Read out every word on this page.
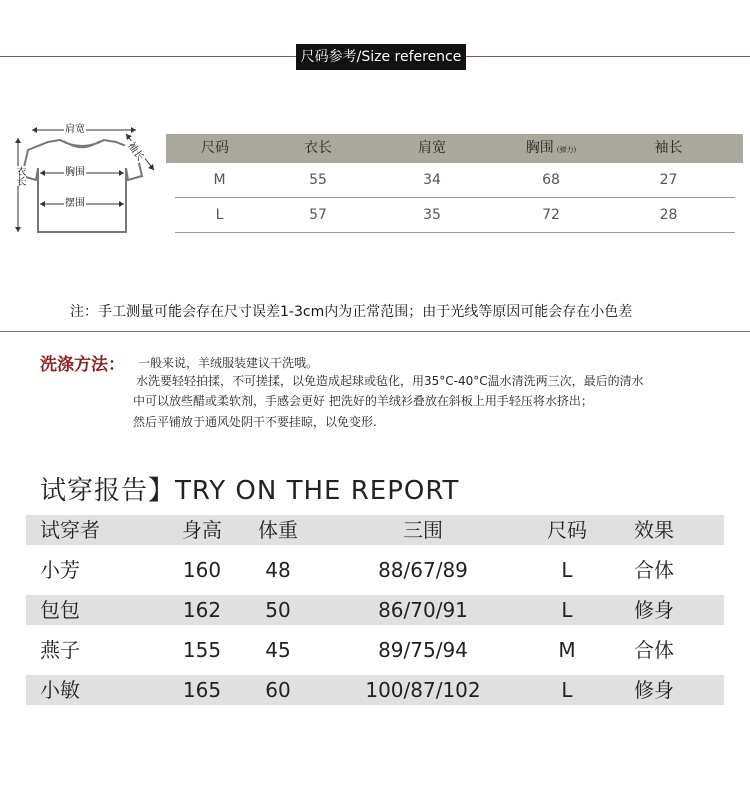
尺码参考/Size reference
肩宽
袖长
胸围
衣长
摆围
尺码	衣长	肩宽	胸围 (弹力)	袖长
M	55	34	68	27
L	57	35	72	28
注：手工测量可能会存在尺寸误差1-3cm内为正常范围；由于光线等原因可能会存在小色差
洗涤方法： 一般来说，羊绒服装建议干洗哦。
水洗要轻轻拍揉，不可搓揉，以免造成起球或毡化，用35°C-40°C温水清洗两三次，最后的清水
中可以放些醋或柔软剂，手感会更好 把洗好的羊绒衫叠放在斜板上用手轻压将水挤出；
然后平铺放于通风处阴干不要挂晾，以免变形.
试穿报告】TRY ON THE REPORT
试穿者	身高	体重	三围	尺码	效果
小芳	160	48	88/67/89	L	合体
包包	162	50	86/70/91	L	修身
燕子	155	45	89/75/94	M	合体
小敏	165	60	100/87/102	L	修身
